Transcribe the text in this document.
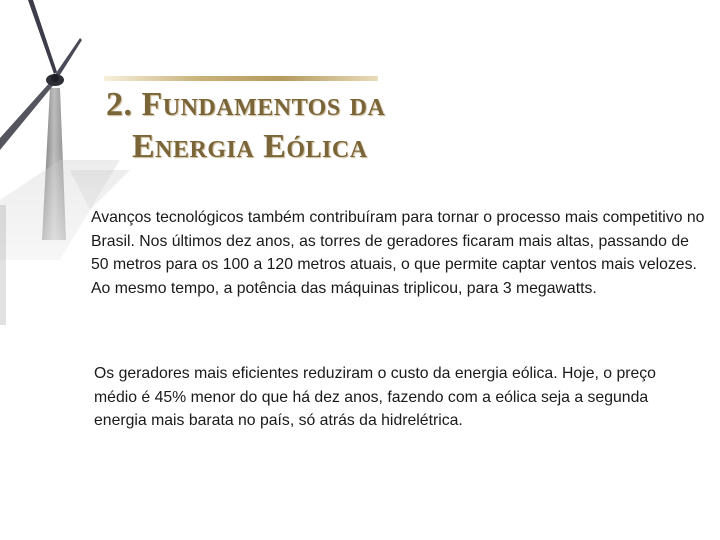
2. Fundamentos da
Energia Eólica

Avanços tecnológicos também contribuíram para tornar o processo mais competitivo no Brasil. Nos últimos dez anos, as torres de geradores ficaram mais altas, passando de 50 metros para os 100 a 120 metros atuais, o que permite captar ventos mais velozes. Ao mesmo tempo, a potência das máquinas triplicou, para 3 megawatts.

Os geradores mais eficientes reduziram o custo da energia eólica. Hoje, o preço médio é 45% menor do que há dez anos, fazendo com a eólica seja a segunda energia mais barata no país, só atrás da hidrelétrica.
